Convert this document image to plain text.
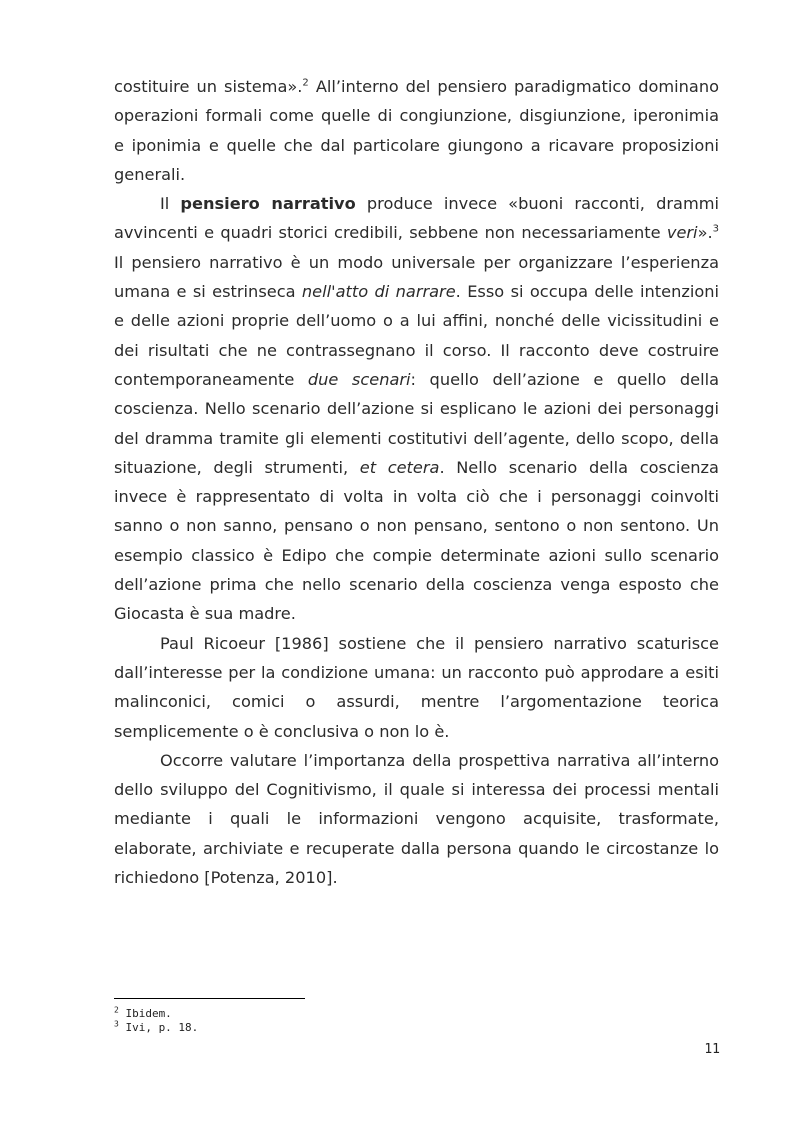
costituire un sistema».$^2$ All’interno del pensiero paradigmatico dominano operazioni formali come quelle di congiunzione, disgiunzione, iperonimia e iponimia e quelle che dal particolare giungono a ricavare proposizioni generali.

Il pensiero narrativo produce invece «buoni racconti, drammi avvincenti e quadri storici credibili, sebbene non necessariamente veri».$^3$ Il pensiero narrativo è un modo universale per organizzare l’esperienza umana e si estrinseca nell'atto di narrare. Esso si occupa delle intenzioni e delle azioni proprie dell’uomo o a lui affini, nonché delle vicissitudini e dei risultati che ne contrassegnano il corso. Il racconto deve costruire contemporaneamente due scenari: quello dell’azione e quello della coscienza. Nello scenario dell’azione si esplicano le azioni dei personaggi del dramma tramite gli elementi costitutivi dell’agente, dello scopo, della situazione, degli strumenti, et cetera. Nello scenario della coscienza invece è rappresentato di volta in volta ciò che i personaggi coinvolti sanno o non sanno, pensano o non pensano, sentono o non sentono. Un esempio classico è Edipo che compie determinate azioni sullo scenario dell’azione prima che nello scenario della coscienza venga esposto che Giocasta è sua madre.

Paul Ricoeur [1986] sostiene che il pensiero narrativo scaturisce dall’interesse per la condizione umana: un racconto può approdare a esiti malinconici, comici o assurdi, mentre l’argomentazione teorica semplicemente o è conclusiva o non lo è.

Occorre valutare l’importanza della prospettiva narrativa all’interno dello sviluppo del Cognitivismo, il quale si interessa dei processi mentali mediante i quali le informazioni vengono acquisite, trasformate, elaborate, archiviate e recuperate dalla persona quando le circostanze lo richiedono [Potenza, 2010].

$^2$ Ibidem.

$^3$ Ivi, p. 18.

11
